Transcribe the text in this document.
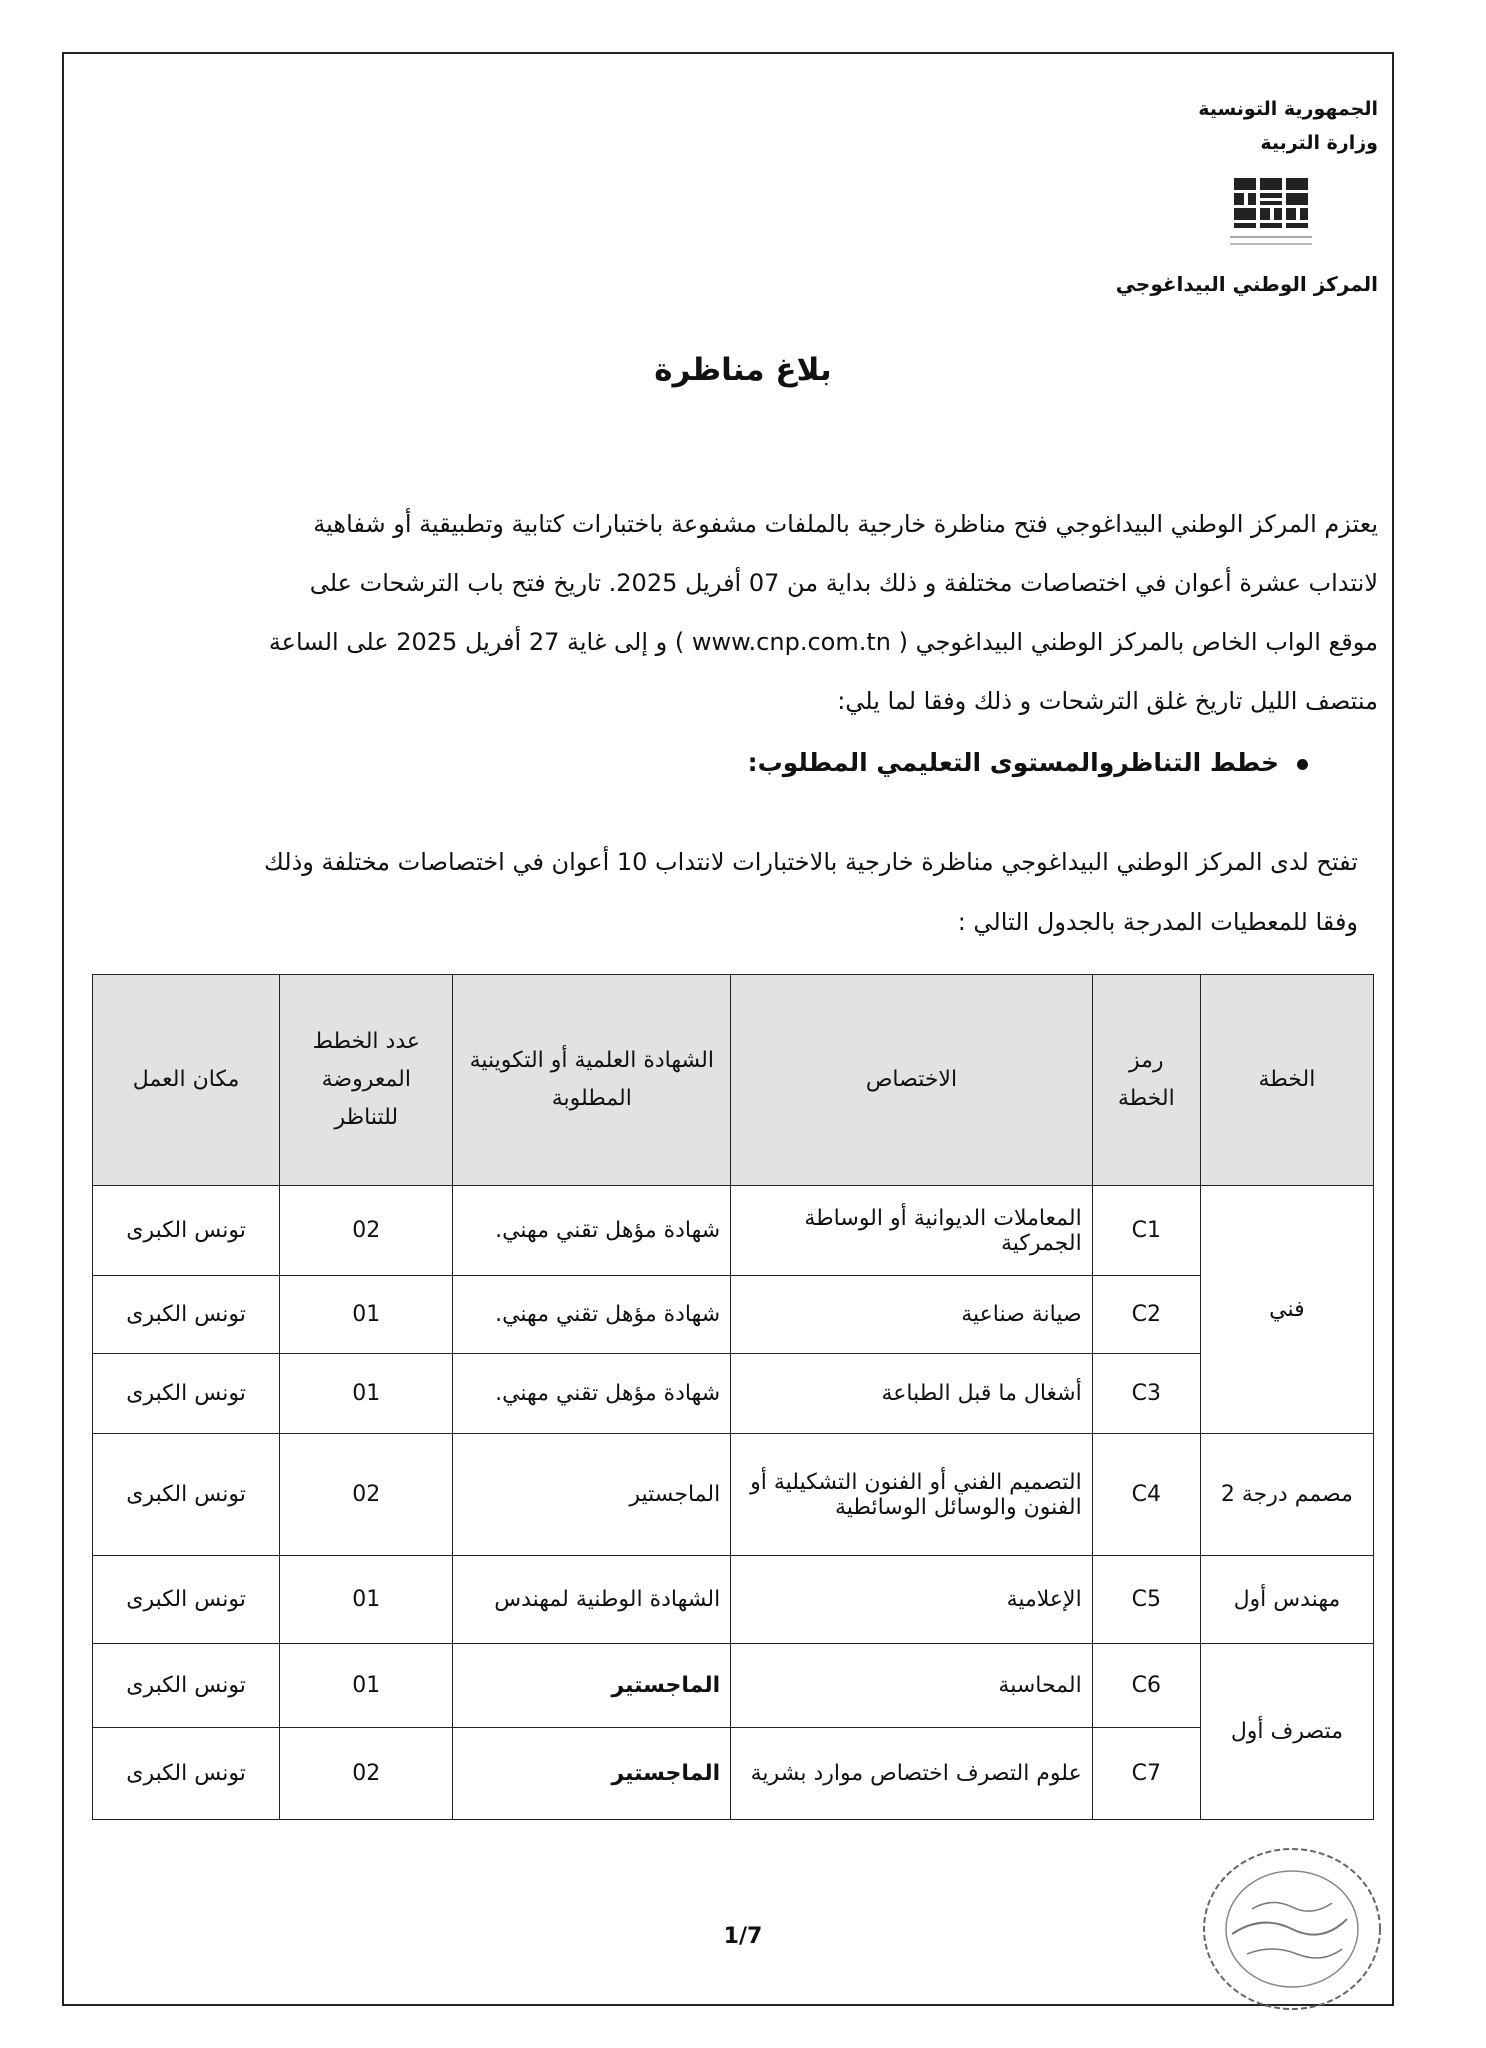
الجمهورية التونسية
وزارة التربية
المركز الوطني البيداغوجي
بلاغ مناظرة

يعتزم المركز الوطني البيداغوجي فتح مناظرة خارجية بالملفات مشفوعة باختبارات كتابية وتطبيقية أو شفاهية

لانتداب عشرة أعوان في اختصاصات مختلفة و ذلك بداية من 07 أفريل 2025. تاريخ فتح باب الترشحات على

موقع الواب الخاص بالمركز الوطني البيداغوجي ( www.cnp.com.tn ) و إلى غاية 27 أفريل 2025 على الساعة

منتصف الليل تاريخ غلق الترشحات و ذلك وفقا لما يلي:

خطط التناظروالمستوى التعليمي المطلوب:

تفتح لدى المركز الوطني البيداغوجي مناظرة خارجية بالاختبارات لانتداب 10 أعوان في اختصاصات مختلفة وذلك

وفقا للمعطيات المدرجة بالجدول التالي :

الخطة	رمز الخطة	الاختصاص	الشهادة العلمية أو التكوينية المطلوبة	عدد الخطط المعروضة للتناظر	مكان العمل
فني	C1	المعاملات الديوانية أو الوساطة الجمركية	شهادة مؤهل تقني مهني.	02	تونس الكبرى
	C2	صيانة صناعية	شهادة مؤهل تقني مهني.	01	تونس الكبرى
	C3	أشغال ما قبل الطباعة	شهادة مؤهل تقني مهني.	01	تونس الكبرى
مصمم درجة 2	C4	التصميم الفني أو الفنون التشكيلية أو الفنون والوسائل الوسائطية	الماجستير	02	تونس الكبرى
مهندس أول	C5	الإعلامية	الشهادة الوطنية لمهندس	01	تونس الكبرى
متصرف أول	C6	المحاسبة	الماجستير	01	تونس الكبرى
	C7	علوم التصرف اختصاص موارد بشرية	الماجستير	02	تونس الكبرى
1/7
